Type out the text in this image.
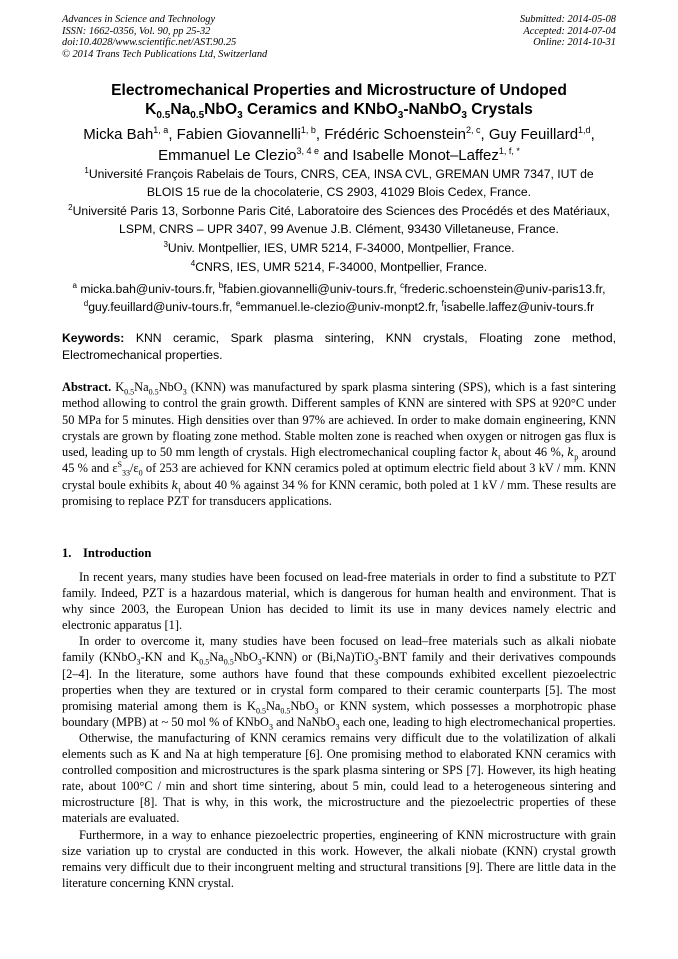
Advances in Science and Technology
ISSN: 1662-0356, Vol. 90, pp 25-32
doi:10.4028/www.scientific.net/AST.90.25
© 2014 Trans Tech Publications Ltd, Switzerland
Submitted: 2014-05-08
Accepted: 2014-07-04
Online: 2014-10-31
Electromechanical Properties and Microstructure of Undoped
$K_{0.5}Na_{0.5}NbO_3$ Ceramics and KNbO$_3$-NaNbO$_3$ Crystals
Micka Bah$^{1, a}$, Fabien Giovannelli$^{1, b}$, Frédéric Schoenstein$^{2, c}$, Guy Feuillard$^{1,d}$,
Emmanuel Le Clezio$^{3, 4 e}$ and Isabelle Monot–Laffez$^{1, f, *}$
$^1$Université François Rabelais de Tours, CNRS, CEA, INSA CVL, GREMAN UMR 7347, IUT de BLOIS 15 rue de la chocolaterie, CS 2903, 41029 Blois Cedex, France.
$^2$Université Paris 13, Sorbonne Paris Cité, Laboratoire des Sciences des Procédés et des Matériaux, LSPM, CNRS – UPR 3407, 99 Avenue J.B. Clément, 93430 Villetaneuse, France.
$^3$Univ. Montpellier, IES, UMR 5214, F-34000, Montpellier, France.
$^4$CNRS, IES, UMR 5214, F-34000, Montpellier, France.
$^a$ micka.bah@univ-tours.fr, $^b$fabien.giovannelli@univ-tours.fr, $^c$frederic.schoenstein@univ-paris13.fr, $^d$guy.feuillard@univ-tours.fr, $^e$emmanuel.le-clezio@univ-monpt2.fr, $^f$isabelle.laffez@univ-tours.fr
Keywords: KNN ceramic, Spark plasma sintering, KNN crystals, Floating zone method, Electromechanical properties.
Abstract. $K_{0.5}Na_{0.5}NbO_3$ (KNN) was manufactured by spark plasma sintering (SPS), which is a fast sintering method allowing to control the grain growth. Different samples of KNN are sintered with SPS at 920°C under 50 MPa for 5 minutes. High densities over than 97% are achieved. In order to make domain engineering, KNN crystals are grown by floating zone method. Stable molten zone is reached when oxygen or nitrogen gas flux is used, leading up to 50 mm length of crystals. High electromechanical coupling factor $k_t$ about 46 %, $k_p$ around 45 % and $\varepsilon^S_{33}/\varepsilon_0$ of 253 are achieved for KNN ceramics poled at optimum electric field about 3 kV / mm. KNN crystal boule exhibits $k_t$ about 40 % against 34 % for KNN ceramic, both poled at 1 kV / mm. These results are promising to replace PZT for transducers applications.
1. Introduction

In recent years, many studies have been focused on lead-free materials in order to find a substitute to PZT family. Indeed, PZT is a hazardous material, which is dangerous for human health and environment. That is why since 2003, the European Union has decided to limit its use in many devices namely electric and electronic apparatus [1].

In order to overcome it, many studies have been focused on lead–free materials such as alkali niobate family (KNbO$_3$-KN and $K_{0.5}Na_{0.5}NbO_3-KNN$) or (Bi,Na)TiO$_3$-BNT family and their derivatives compounds [2–4]. In the literature, some authors have found that these compounds exhibited excellent piezoelectric properties when they are textured or in crystal form compared to their ceramic counterparts [5]. The most promising material among them is $K_{0.5}Na_{0.5}NbO_3$ or KNN system, which possesses a morphotropic phase boundary (MPB) at ~ 50 mol % of KNbO$_3$ and NaNbO$_3$ each one, leading to high electromechanical properties.

Otherwise, the manufacturing of KNN ceramics remains very difficult due to the volatilization of alkali elements such as K and Na at high temperature [6]. One promising method to elaborated KNN ceramics with controlled composition and microstructures is the spark plasma sintering or SPS [7]. However, its high heating rate, about 100°C / min and short time sintering, about 5 min, could lead to a heterogeneous sintering and microstructure [8]. That is why, in this work, the microstructure and the piezoelectric properties of these materials are evaluated.

Furthermore, in a way to enhance piezoelectric properties, engineering of KNN microstructure with grain size variation up to crystal are conducted in this work. However, the alkali niobate (KNN) crystal growth remains very difficult due to their incongruent melting and structural transitions [9]. There are little data in the literature concerning KNN crystal.
